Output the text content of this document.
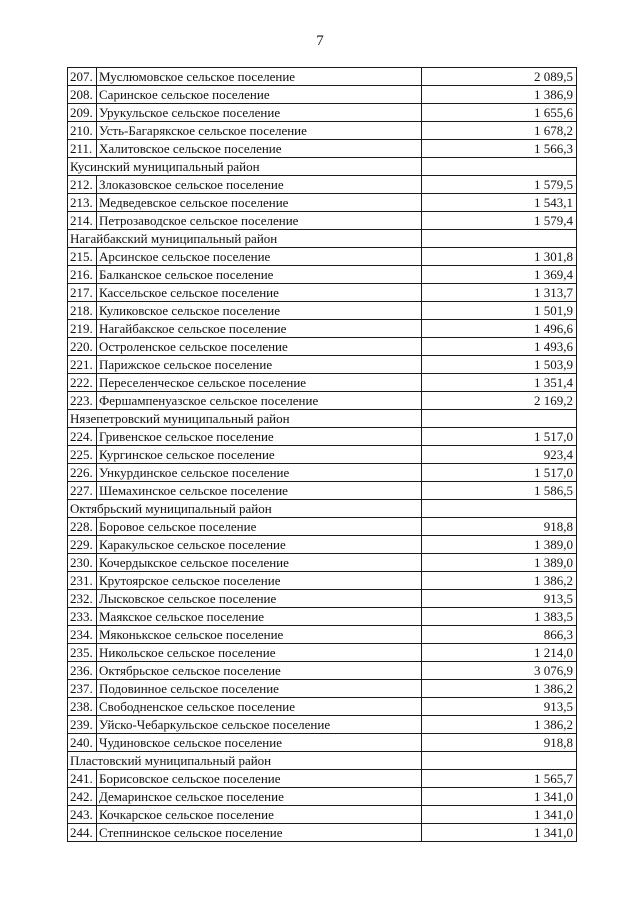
7
207.	Муслюмовское сельское поселение	2 089,5
208.	Саринское сельское поселение	1 386,9
209.	Урукульское сельское поселение	1 655,6
210.	Усть-Багарякское сельское поселение	1 678,2
211.	Халитовское сельское поселение	1 566,3
Кусинский муниципальный район		
212.	Злоказовское сельское поселение	1 579,5
213.	Медведевское сельское поселение	1 543,1
214.	Петрозаводское сельское поселение	1 579,4
Нагайбакский муниципальный район		
215.	Арсинское сельское поселение	1 301,8
216.	Балканское сельское поселение	1 369,4
217.	Кассельское сельское поселение	1 313,7
218.	Куликовское сельское поселение	1 501,9
219.	Нагайбакское сельское поселение	1 496,6
220.	Остроленское сельское поселение	1 493,6
221.	Парижское сельское поселение	1 503,9
222.	Переселенческое сельское поселение	1 351,4
223.	Фершампенуазское сельское поселение	2 169,2
Нязепетровский муниципальный район		
224.	Гривенское сельское поселение	1 517,0
225.	Кургинское сельское поселение	923,4
226.	Ункурдинское сельское поселение	1 517,0
227.	Шемахинское сельское поселение	1 586,5
Октябрьский муниципальный район		
228.	Боровое сельское поселение	918,8
229.	Каракульское сельское поселение	1 389,0
230.	Кочердыкское сельское поселение	1 389,0
231.	Крутоярское сельское поселение	1 386,2
232.	Лысковское сельское поселение	913,5
233.	Маякское сельское поселение	1 383,5
234.	Мяконькское сельское поселение	866,3
235.	Никольское сельское поселение	1 214,0
236.	Октябрьское сельское поселение	3 076,9
237.	Подовинное сельское поселение	1 386,2
238.	Свободненское сельское поселение	913,5
239.	Уйско-Чебаркульское сельское поселение	1 386,2
240.	Чудиновское сельское поселение	918,8
Пластовский муниципальный район		
241.	Борисовское сельское поселение	1 565,7
242.	Демаринское сельское поселение	1 341,0
243.	Кочкарское сельское поселение	1 341,0
244.	Степнинское сельское поселение	1 341,0
